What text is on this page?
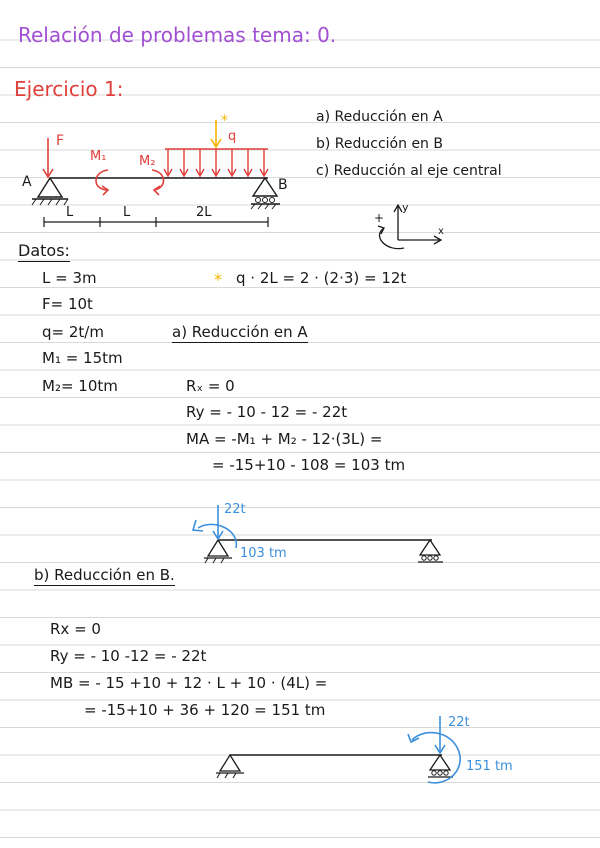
Relación de problemas tema: 0.
Ejercicio 1:
F
M₁	M₂
q
*
A	B
L	L	2L	+
y
x
a) Reducción en A
b) Reducción en B
c) Reducción al eje central
Datos:
L = 3m
F= 10t
q= 2t/m
M₁ = 15tm
M₂= 10tm
* q · 2L = 2 · (2·3) = 12t
a) Reducción en A
Rₓ = 0
Ry = - 10 - 12 = - 22t
MA = -M₁ + M₂ - 12·(3L) =
= -15+10 - 108 = 103 tm
22t
103 tm
b) Reducción en B.
Rx = 0
Ry = - 10 -12 = - 22t
MB = - 15 +10 + 12 · L + 10 · (4L) =
= -15+10 + 36 + 120 = 151 tm
22t
151 tm
